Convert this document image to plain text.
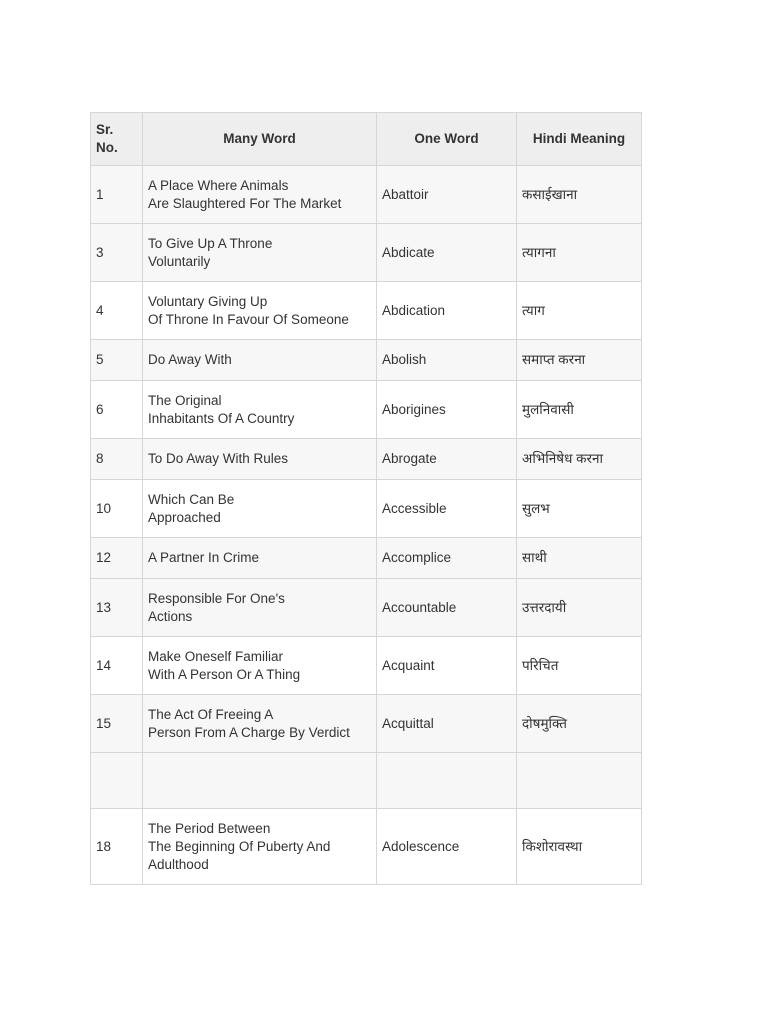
Sr. No.	Many Word	One Word	Hindi Meaning
1	A Place Where Animals
Are Slaughtered For The Market	Abattoir	कसाईखाना
3	To Give Up A Throne
Voluntarily	Abdicate	त्यागना
4	Voluntary Giving Up
Of Throne In Favour Of Someone	Abdication	त्याग
5	Do Away With	Abolish	समाप्त करना
6	The Original
Inhabitants Of A Country	Aborigines	मुलनिवासी
8	To Do Away With Rules	Abrogate	अभिनिषेध करना
10	Which Can Be
Approached	Accessible	सुलभ
12	A Partner In Crime	Accomplice	साथी
13	Responsible For One's
Actions	Accountable	उत्तरदायी
14	Make Oneself Familiar
With A Person Or A Thing	Acquaint	परिचित
15	The Act Of Freeing A
Person From A Charge By Verdict	Acquittal	दोषमुक्ति

18	The Period Between
The Beginning Of Puberty And
Adulthood	Adolescence	किशोरावस्था
